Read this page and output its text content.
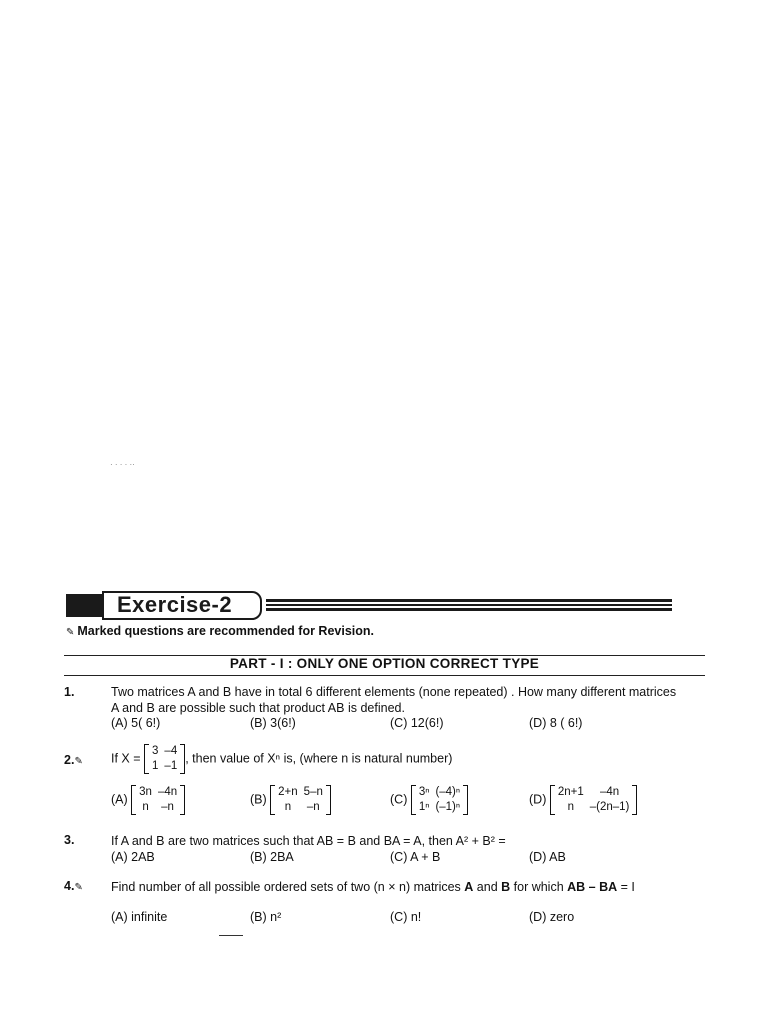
· · · · ··
Exercise-2
✎ Marked questions are recommended for Revision.
PART - I : ONLY ONE OPTION CORRECT TYPE
1.	Two matrices A and B have in total 6 different elements (none repeated) . How many different matrices
A and B are possible such that product AB is defined.
(A) 5( 6!)	(B) 3(6!)	(C) 12(6!)	(D) 8 ( 6!)
2.✎ If X =
3	–4
1	–1
, then value of Xⁿ is, (where n is natural number)
(A)
3n	–4n
n	–n
(B)
2+n	5–n
n	–n
(C)
3ⁿ	(–4)ⁿ
1ⁿ	(–1)ⁿ
(D)
2n+1	–4n
n	–(2n–1)
3.	If A and B are two matrices such that AB = B and BA = A, then A² + B² =
(A) 2AB	(B) 2BA	(C) A + B	(D) AB
4.✎ Find number of all possible ordered sets of two (n × n) matrices A and B for which AB – BA = I
(A) infinite	(B) n²	(C) n!	(D) zero
